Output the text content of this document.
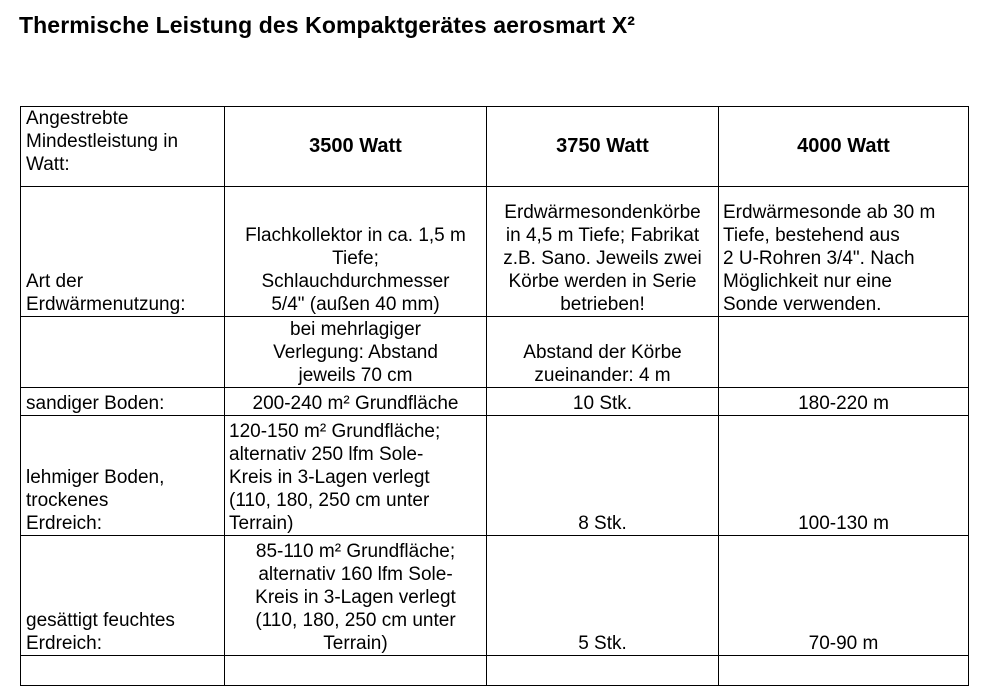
Thermische Leistung des Kompaktgerätes aerosmart X²
Angestrebte
Mindestleistung in
Watt:	3500 Watt	3750 Watt	4000 Watt
Art der
Erdwärmenutzung:	Flachkollektor in ca. 1,5 m
Tiefe;
Schlauchdurchmesser
5/4" (außen 40 mm)	Erdwärmesondenkörbe
in 4,5 m Tiefe; Fabrikat
z.B. Sano. Jeweils zwei
Körbe werden in Serie
betrieben!	Erdwärmesonde ab 30 m
Tiefe, bestehend aus
2 U-Rohren 3/4". Nach
Möglichkeit nur eine
Sonde verwenden.
	bei mehrlagiger
Verlegung: Abstand
jeweils 70 cm	Abstand der Körbe
zueinander: 4 m	
sandiger Boden:	200-240 m² Grundfläche	10 Stk.	180-220 m
lehmiger Boden,
trockenes
Erdreich:	120-150 m² Grundfläche;
alternativ 250 lfm Sole-
Kreis in 3-Lagen verlegt
(110, 180, 250 cm unter
Terrain)	8 Stk.	100-130 m
gesättigt feuchtes
Erdreich:	85-110 m² Grundfläche;
alternativ 160 lfm Sole-
Kreis in 3-Lagen verlegt
(110, 180, 250 cm unter
Terrain)	5 Stk.	70-90 m
